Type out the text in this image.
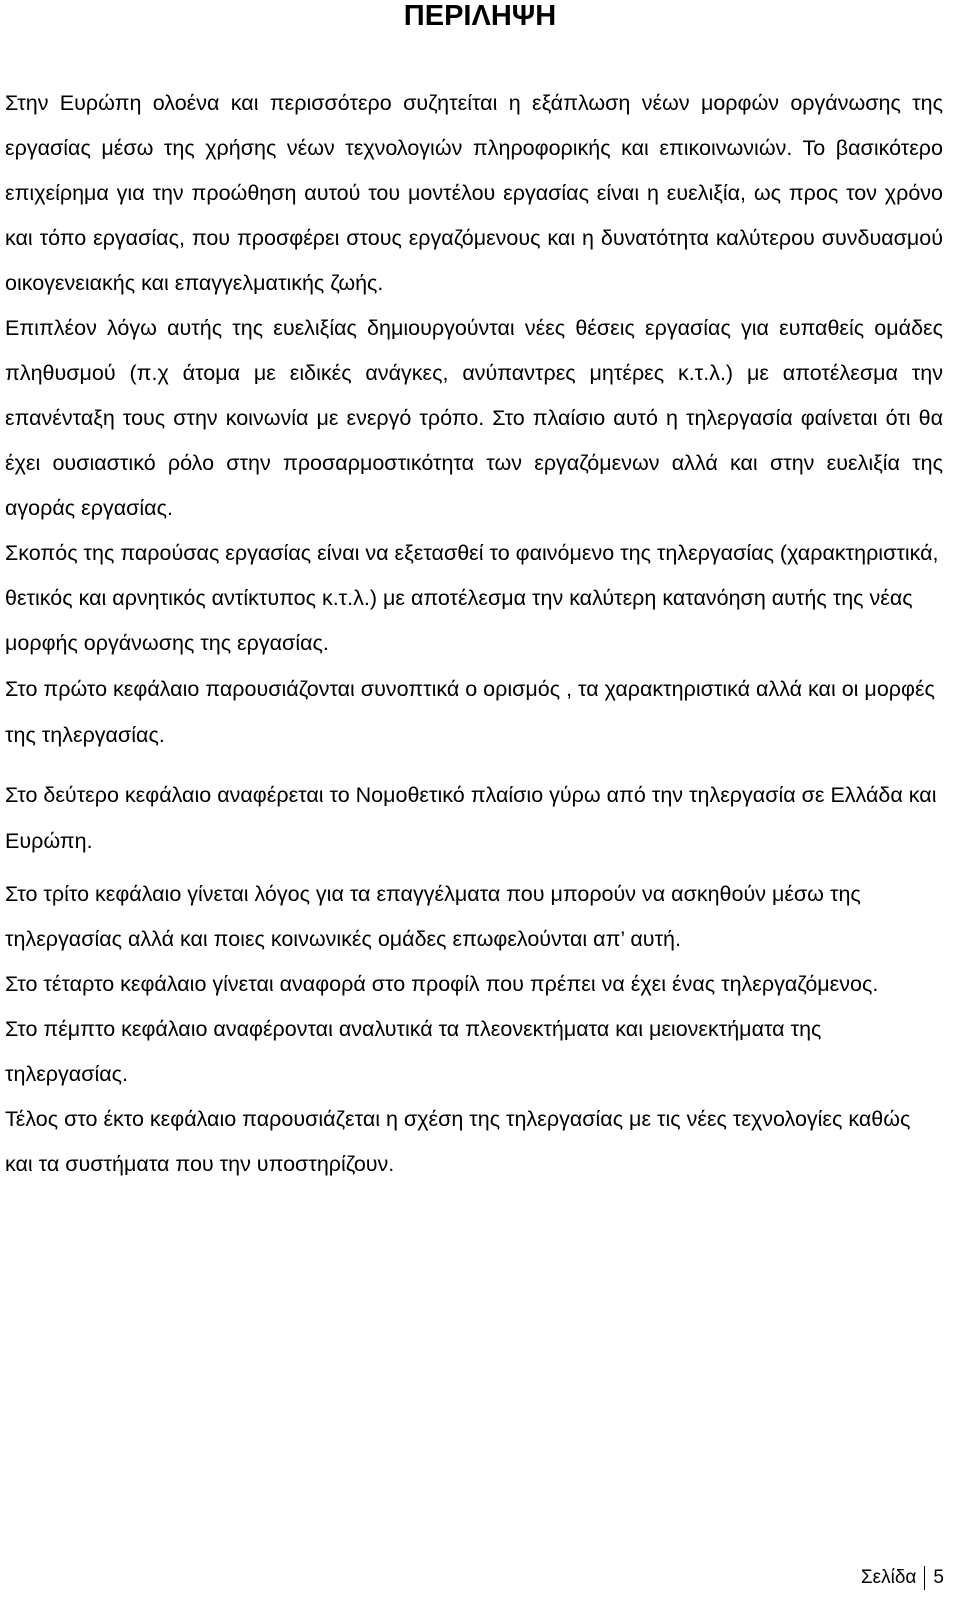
ΠΕΡΙΛΗΨΗ

Στην Ευρώπη ολοένα και περισσότερο συζητείται η εξάπλωση νέων μορφών οργάνωσης της εργασίας μέσω της χρήσης νέων τεχνολογιών πληροφορικής και επικοινωνιών. Το βασικότερο επιχείρημα για την προώθηση αυτού του μοντέλου εργασίας είναι η ευελιξία, ως προς τον χρόνο και τόπο εργασίας, που προσφέρει στους εργαζόμενους και η δυνατότητα καλύτερου συνδυασμού οικογενειακής και επαγγελματικής ζωής.

Επιπλέον λόγω αυτής της ευελιξίας δημιουργούνται νέες θέσεις εργασίας για ευπαθείς ομάδες πληθυσμού (π.χ άτομα με ειδικές ανάγκες, ανύπαντρες μητέρες κ.τ.λ.) με αποτέλεσμα την επανένταξη τους στην κοινωνία με ενεργό τρόπο. Στο πλαίσιο αυτό η τηλεργασία φαίνεται ότι θα έχει ουσιαστικό ρόλο στην προσαρμοστικότητα των εργαζόμενων αλλά και στην ευελιξία της αγοράς εργασίας.

Σκοπός της παρούσας εργασίας είναι να εξετασθεί το φαινόμενο της τηλεργασίας (χαρακτηριστικά, θετικός και αρνητικός αντίκτυπος κ.τ.λ.) με αποτέλεσμα την καλύτερη κατανόηση αυτής της νέας μορφής οργάνωσης της εργασίας.

Στο πρώτο κεφάλαιο παρουσιάζονται συνοπτικά ο ορισμός , τα χαρακτηριστικά αλλά και οι μορφές της τηλεργασίας.

Στο δεύτερο κεφάλαιο αναφέρεται το Νομοθετικό πλαίσιο γύρω από την τηλεργασία σε Ελλάδα και Ευρώπη.

Στο τρίτο κεφάλαιο γίνεται λόγος για τα επαγγέλματα που μπορούν να ασκηθούν μέσω της τηλεργασίας αλλά και ποιες κοινωνικές ομάδες επωφελούνται απ’ αυτή.

Στο τέταρτο κεφάλαιο γίνεται αναφορά στο προφίλ που πρέπει να έχει ένας τηλεργαζόμενος.

Στο πέμπτο κεφάλαιο αναφέρονται αναλυτικά τα πλεονεκτήματα και μειονεκτήματα της τηλεργασίας.

Τέλος στο έκτο κεφάλαιο παρουσιάζεται η σχέση της τηλεργασίας με τις νέες τεχνολογίες καθώς και τα συστήματα που την υποστηρίζουν.

Σελίδα 5
